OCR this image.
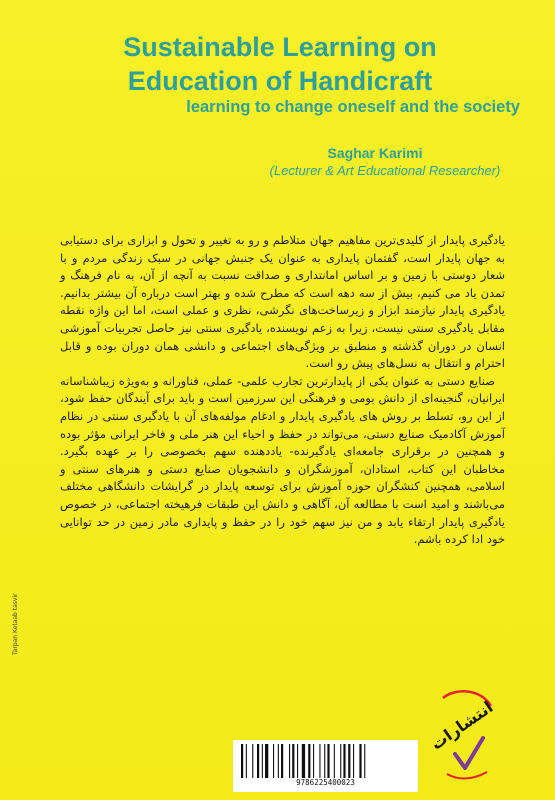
Sustainable Learning on
Education of Handicraft
learning to change oneself and the society
Saghar Karimi
(Lecturer & Art Educational Researcher)

یادگیری پایدار از کلیدی‌ترین مفاهیم جهان متلاطم و رو به تغییر و تحول و ابزاری برای دستیابی به جهان پایدار است، گفتمان پایداری به عنوان یک جنبش جهانی در سبک زندگی مردم و با شعار دوستی با زمین و بر اساس امانتداری و صداقت نسبت به آنچه از آن، به نام فرهنگ و تمدن یاد می کنیم، بیش از سه دهه است که مطرح شده و بهتر است درباره آن بیشتر بدانیم. یادگیری پایدار نیازمند ابزار و زیرساخت‌های نگرشی، نظری و عملی است، اما این واژه نقطه مقابل یادگیری سنتی نیست، زیرا به زعم نویسنده، یادگیری سنتی نیز حاصل تجربیات آموزشی انسان در دوران گذشته و منطبق بر ویژگی‌های اجتماعی و دانشی همان دوران بوده و قابل احترام و انتقال به نسل‌های پیش رو است.

صنایع دستی به عنوان یکی از پایدارترین تجارب علمی- عملی، فناورانه و به‌ویژه زیباشناسانه ایرانیان، گنجینه‌ای از دانش بومی و فرهنگی این سرزمین است و باید برای آیندگان حفظ شود، از این رو، تسلط بر روش های یادگیری پایدار و ادغام مولفه‌های آن با یادگیری سنتی در نظام آموزش آکادمیک صنایع دستی، می‌تواند در حفظ و احیاء این هنر ملی و فاخر ایرانی مؤثر بوده و همچنین در برقراری جامعه‌ای یادگیرنده- یاددهنده سهم بخصوصی را بر عهده بگیرد. مخاطبان این کتاب، استادان، آموزشگران و دانشجویان صنایع دستی و هنرهای سنتی و اسلامی، همچنین کنشگران حوزه آموزش برای توسعه پایدار در گرایشات دانشگاهی مختلف می‌باشند و امید است با مطالعه آن، آگاهی و دانش این طبقات فرهیخته اجتماعی، در خصوص یادگیری پایدار ارتقاء یابد و من نیز سهم خود را در حفظ و پایداری مادر زمین در حد توانایی خود ادا کرده باشم.

Tarpan Ketaab tasvir
9786225400023
انتشارات
